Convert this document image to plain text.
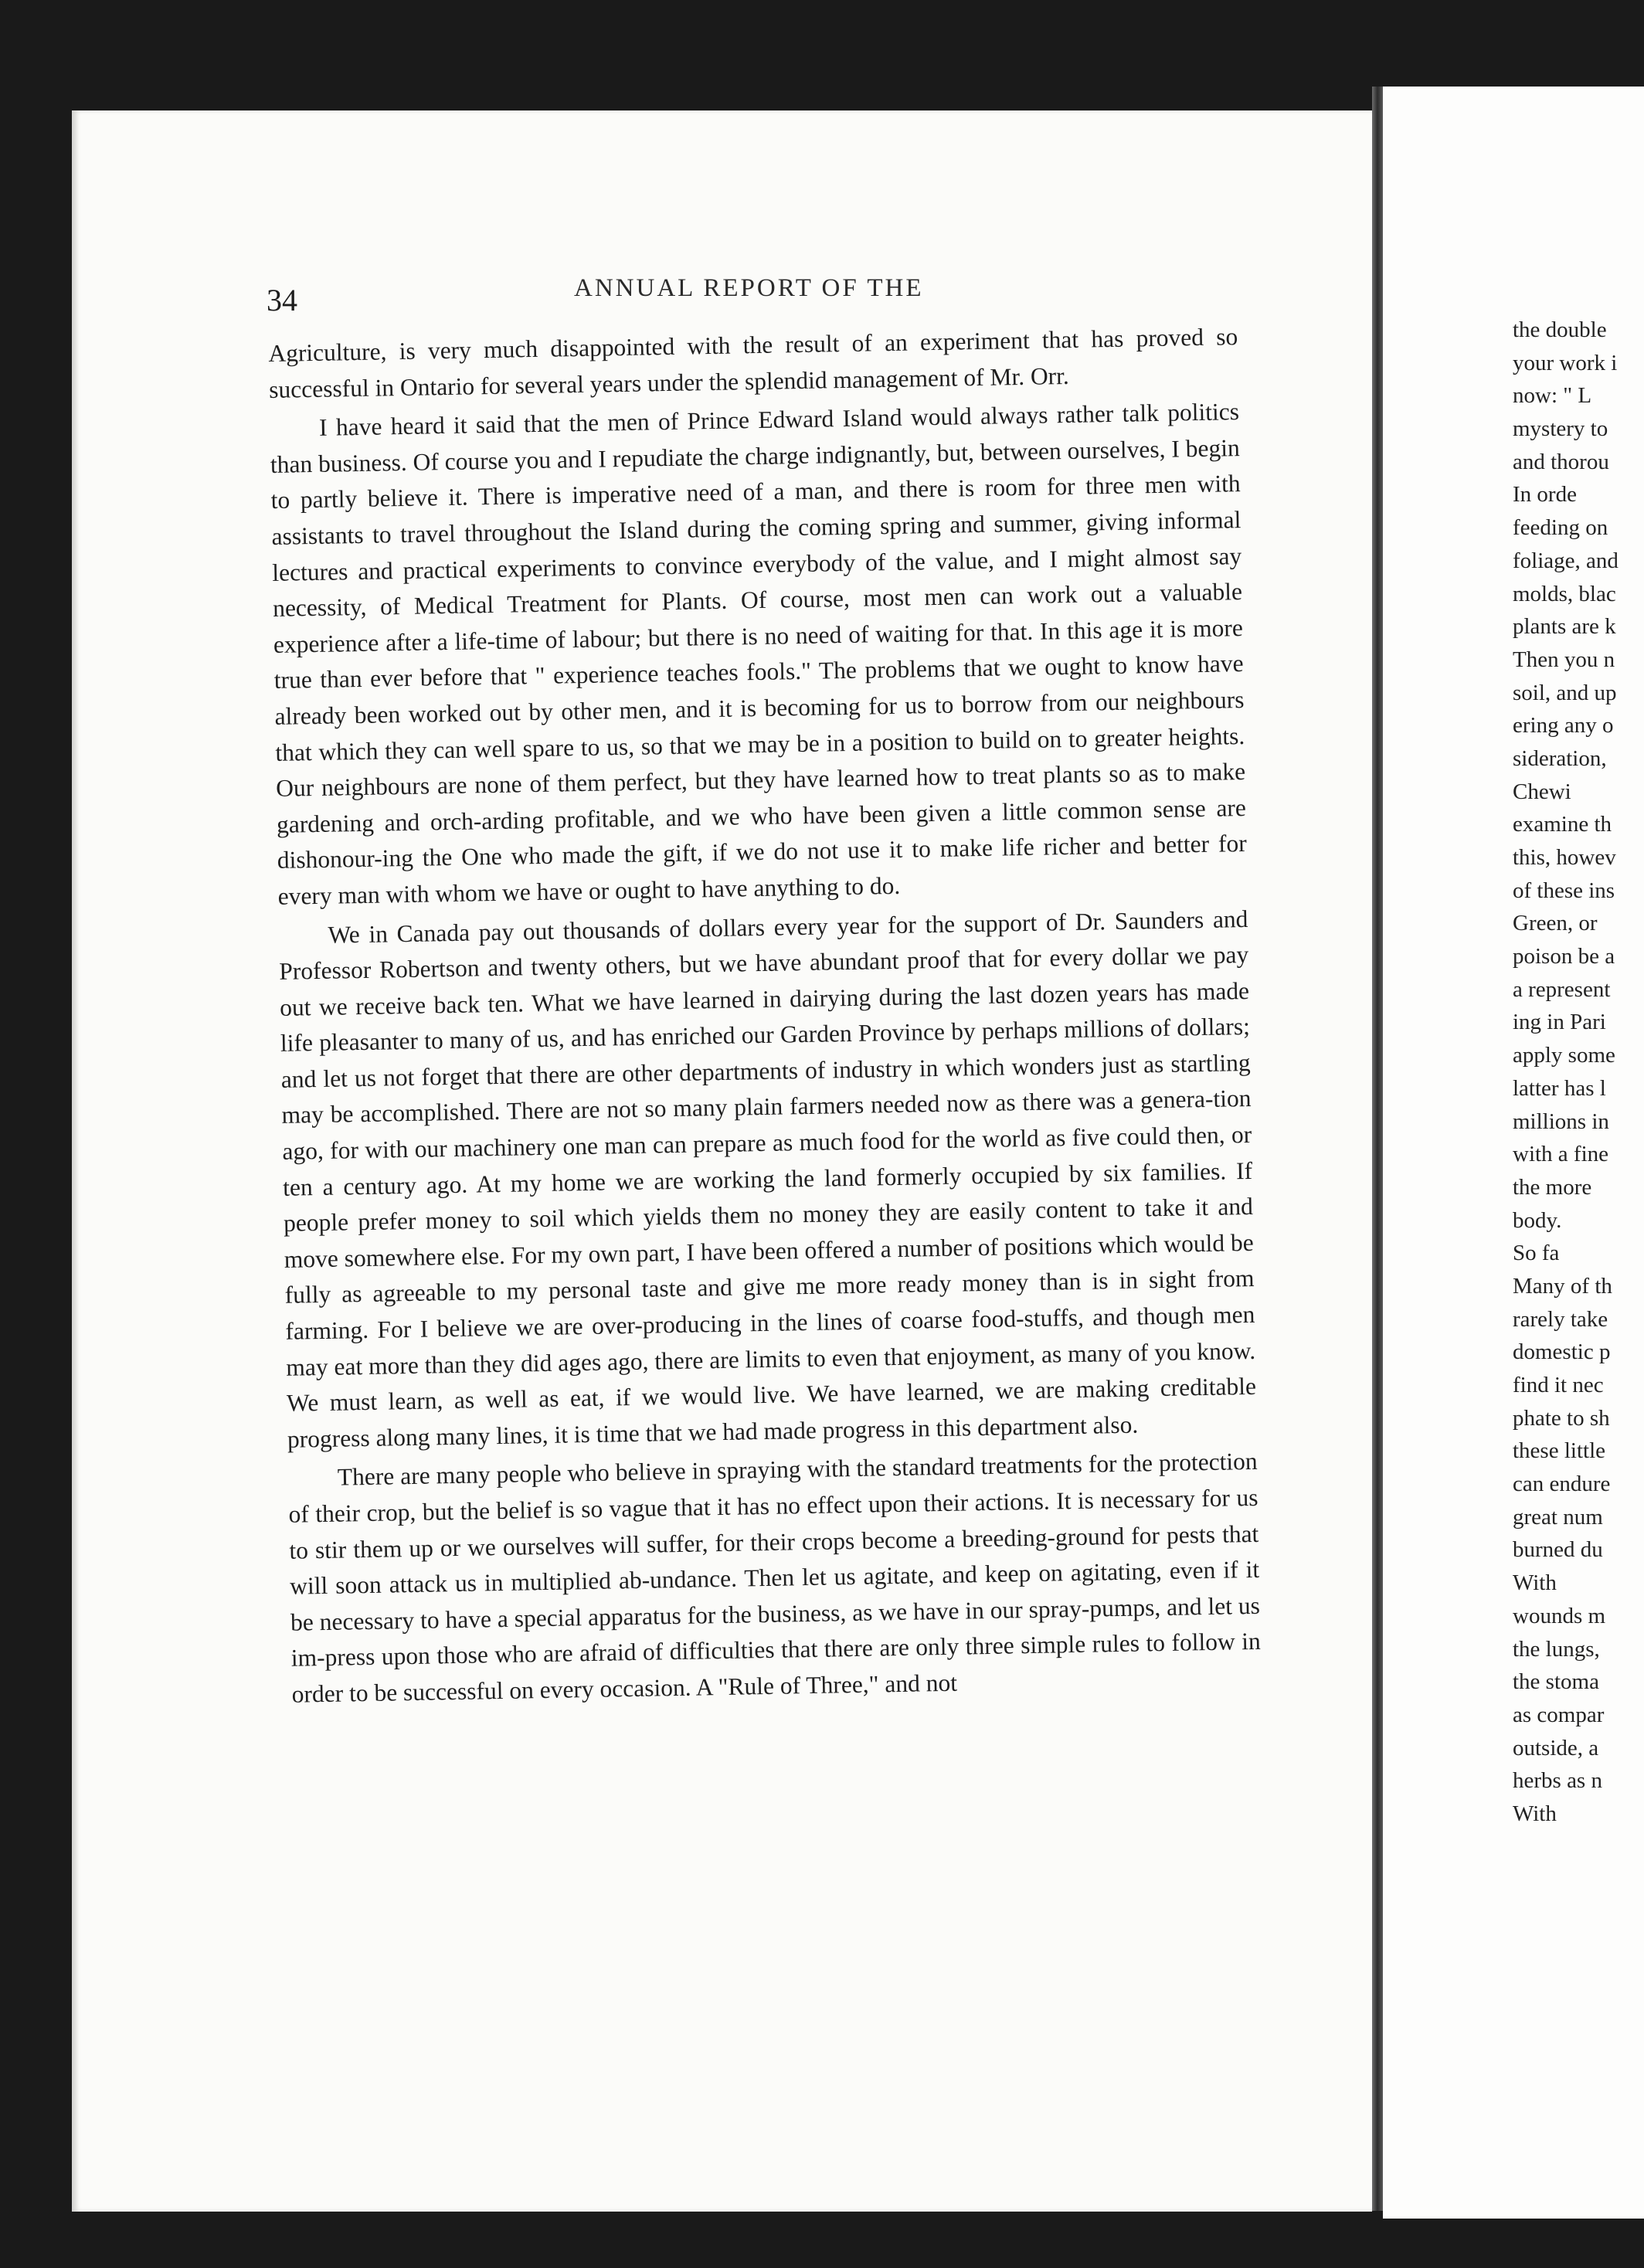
34	ANNUAL REPORT OF THE

Agriculture, is very much disappointed with the result of an experiment that has proved so successful in Ontario for several years under the splendid management of Mr. Orr.

I have heard it said that the men of Prince Edward Island would always rather talk politics than business. Of course you and I repudiate the charge indignantly, but, between ourselves, I begin to partly believe it. There is imperative need of a man, and there is room for three men with assistants to travel throughout the Island during the coming spring and summer, giving informal lectures and practical experiments to convince everybody of the value, and I might almost say necessity, of Medical Treatment for Plants. Of course, most men can work out a valuable experience after a life-time of labour; but there is no need of waiting for that. In this age it is more true than ever before that " experience teaches fools." The problems that we ought to know have already been worked out by other men, and it is becoming for us to borrow from our neighbours that which they can well spare to us, so that we may be in a position to build on to greater heights. Our neighbours are none of them perfect, but they have learned how to treat plants so as to make gardening and orch-arding profitable, and we who have been given a little common sense are dishonour-ing the One who made the gift, if we do not use it to make life richer and better for every man with whom we have or ought to have anything to do.

We in Canada pay out thousands of dollars every year for the support of Dr. Saunders and Professor Robertson and twenty others, but we have abundant proof that for every dollar we pay out we receive back ten. What we have learned in dairying during the last dozen years has made life pleasanter to many of us, and has enriched our Garden Province by perhaps millions of dollars; and let us not forget that there are other departments of industry in which wonders just as startling may be accomplished. There are not so many plain farmers needed now as there was a genera-tion ago, for with our machinery one man can prepare as much food for the world as five could then, or ten a century ago. At my home we are working the land formerly occupied by six families. If people prefer money to soil which yields them no money they are easily content to take it and move somewhere else. For my own part, I have been offered a number of positions which would be fully as agreeable to my personal taste and give me more ready money than is in sight from farming. For I believe we are over-producing in the lines of coarse food-stuffs, and though men may eat more than they did ages ago, there are limits to even that enjoyment, as many of you know. We must learn, as well as eat, if we would live. We have learned, we are making creditable progress along many lines, it is time that we had made progress in this department also.

There are many people who believe in spraying with the standard treatments for the protection of their crop, but the belief is so vague that it has no effect upon their actions. It is necessary for us to stir them up or we ourselves will suffer, for their crops become a breeding-ground for pests that will soon attack us in multiplied ab-undance. Then let us agitate, and keep on agitating, even if it be necessary to have a special apparatus for the business, as we have in our spray-pumps, and let us im-press upon those who are afraid of difficulties that there are only three simple rules to follow in order to be successful on every occasion. A "Rule of Three," and not

the double
your work i
now: " L
mystery to
and thorou
In orde
feeding on
foliage, and
molds, blac
plants are k
Then you n
soil, and up
ering any o
sideration,
Chewi
examine th
this, howev
of these ins
Green, or
poison be a
a represent
ing in Pari
apply some
latter has l
millions in
with a fine
the more
body.
So fa
Many of th
rarely take
domestic p
find it nec
phate to sh
these little
can endure
great num
burned du
With
wounds m
the lungs,
the stoma
as compar
outside, a
herbs as n
With
